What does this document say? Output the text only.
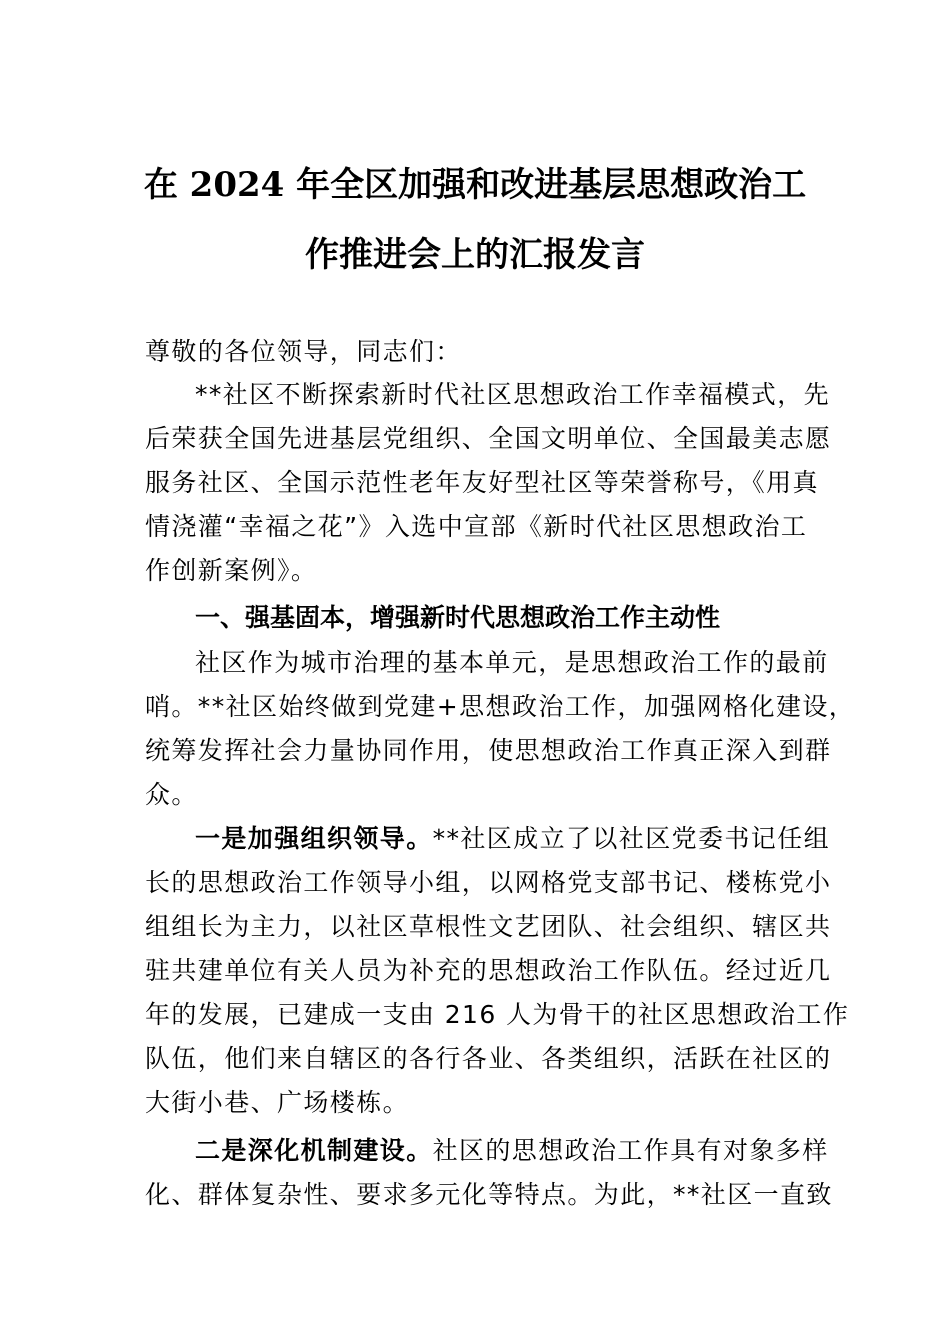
在 2024 年全区加强和改进基层思想政治工
作推进会上的汇报发言
尊敬的各位领导，同志们：
**社区不断探索新时代社区思想政治工作幸福模式，先
后荣获全国先进基层党组织、全国文明单位、全国最美志愿
服务社区、全国示范性老年友好型社区等荣誉称号，《用真
情浇灌“幸福之花”》入选中宣部《新时代社区思想政治工
作创新案例》。
一、强基固本，增强新时代思想政治工作主动性
社区作为城市治理的基本单元，是思想政治工作的最前
哨。**社区始终做到党建+思想政治工作，加强网格化建设，
统筹发挥社会力量协同作用，使思想政治工作真正深入到群
众。
一是加强组织领导。**社区成立了以社区党委书记任组
长的思想政治工作领导小组，以网格党支部书记、楼栋党小
组组长为主力，以社区草根性文艺团队、社会组织、辖区共
驻共建单位有关人员为补充的思想政治工作队伍。经过近几
年的发展，已建成一支由 216 人为骨干的社区思想政治工作
队伍，他们来自辖区的各行各业、各类组织，活跃在社区的
大街小巷、广场楼栋。
二是深化机制建设。社区的思想政治工作具有对象多样
化、群体复杂性、要求多元化等特点。为此，**社区一直致
